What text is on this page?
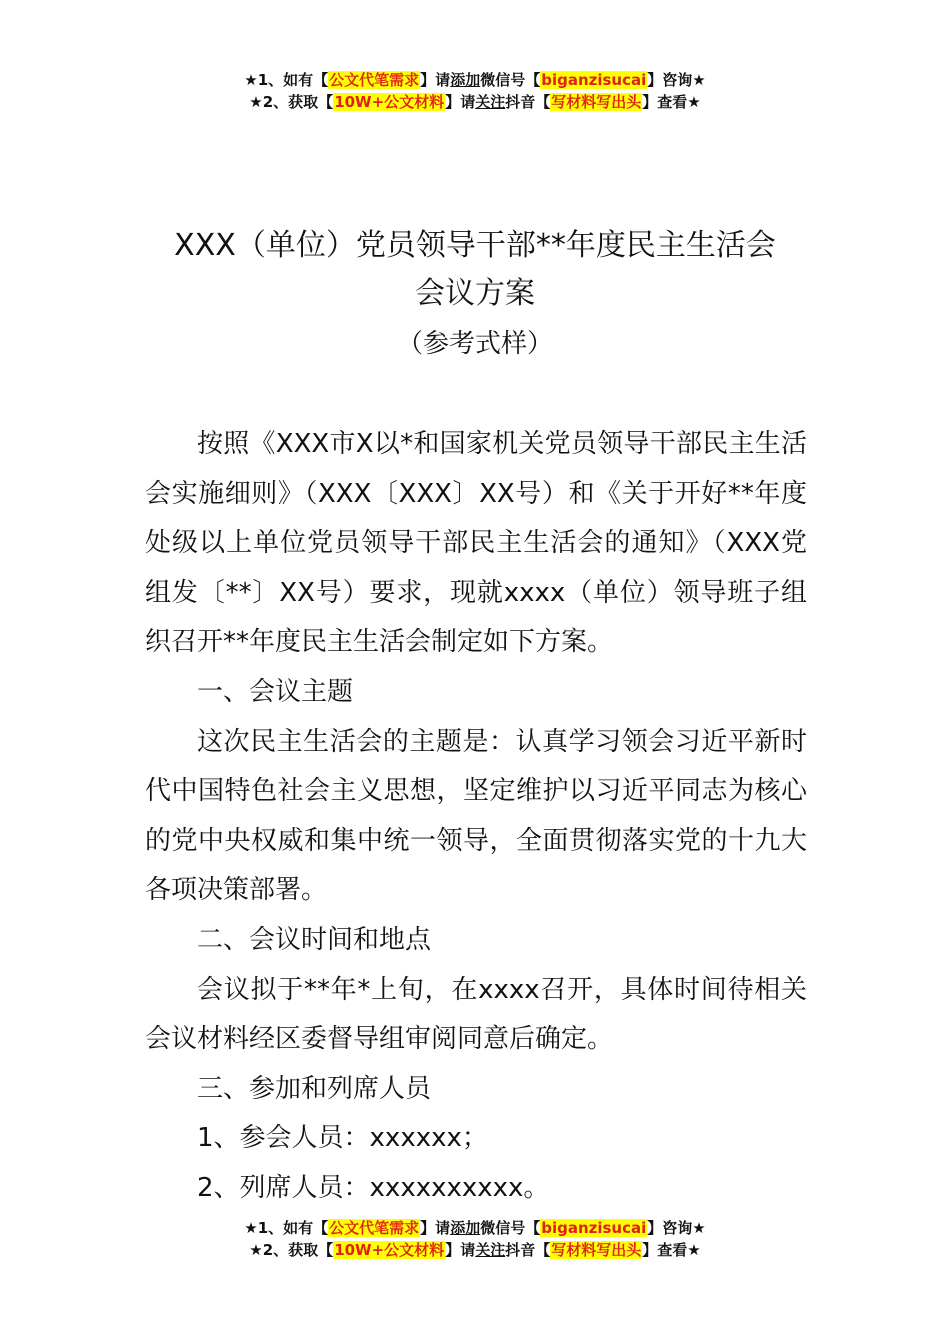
★1、如有【公文代笔需求】请添加微信号【biganzisucai】咨询★
★2、获取【10W+公文材料】请关注抖音【写材料写出头】查看★
XXX（单位）党员领导干部**年度民主生活会
会议方案
（参考式样）

按照《XXX市X以*和国家机关党员领导干部民主生活会实施细则》（XXX〔XXX〕XX号）和《关于开好**年度处级以上单位党员领导干部民主生活会的通知》（XXX党组发〔**〕XX号）要求，现就xxxx（单位）领导班子组织召开**年度民主生活会制定如下方案。

一、会议主题

这次民主生活会的主题是：认真学习领会习近平新时代中国特色社会主义思想，坚定维护以习近平同志为核心的党中央权威和集中统一领导，全面贯彻落实党的十九大各项决策部署。

二、会议时间和地点

会议拟于**年*上旬，在xxxx召开，具体时间待相关会议材料经区委督导组审阅同意后确定。

三、参加和列席人员

1、参会人员：xxxxxx；

2、列席人员：xxxxxxxxxx。

★1、如有【公文代笔需求】请添加微信号【biganzisucai】咨询★
★2、获取【10W+公文材料】请关注抖音【写材料写出头】查看★
